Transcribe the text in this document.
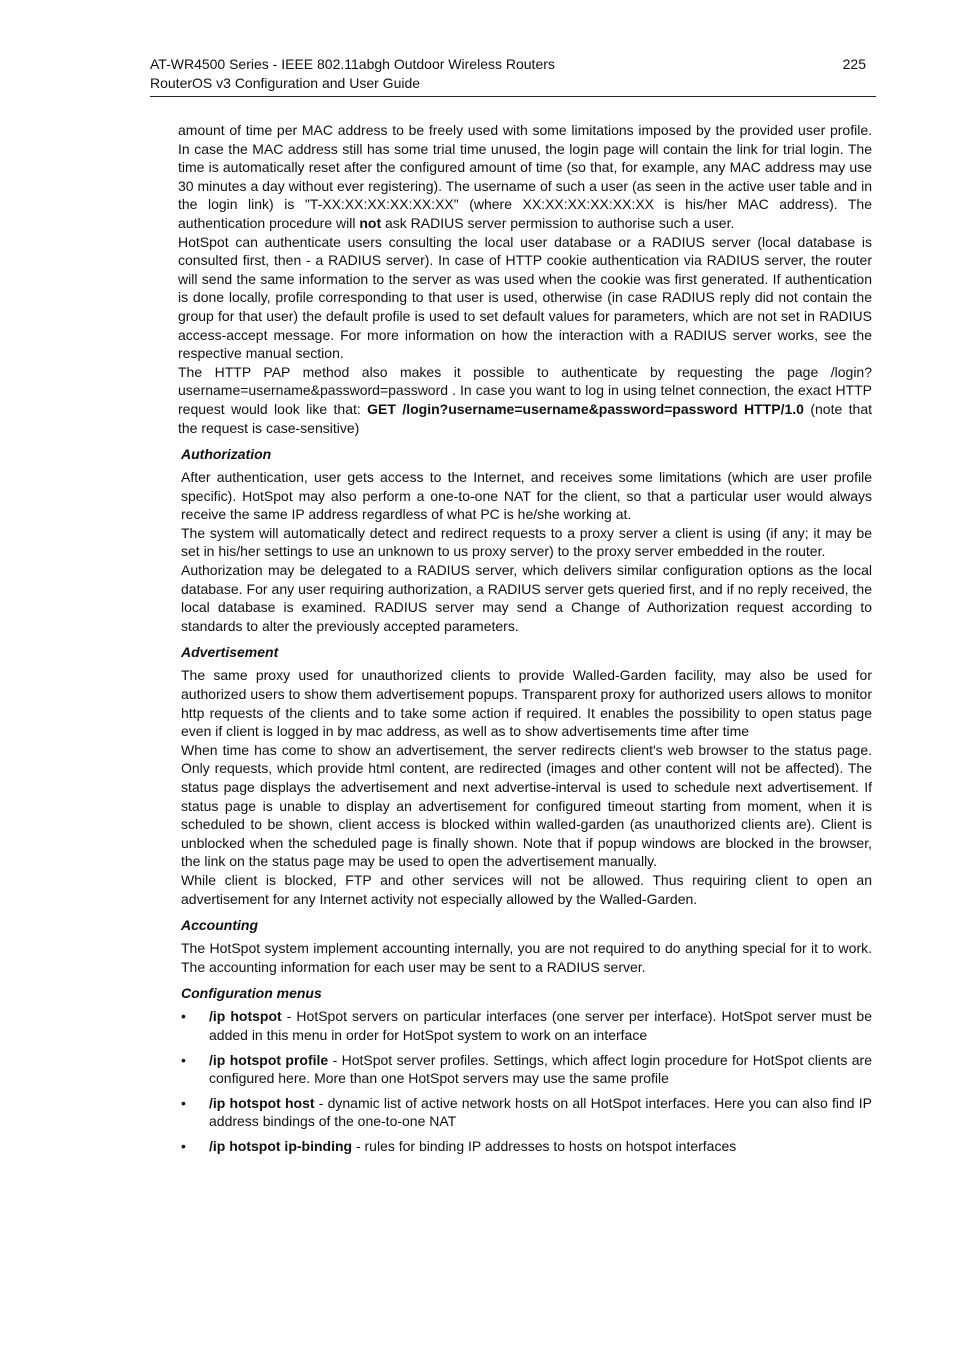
AT-WR4500 Series - IEEE 802.11abgh Outdoor Wireless Routers
RouterOS v3 Configuration and User Guide
225

amount of time per MAC address to be freely used with some limitations imposed by the provided user profile. In case the MAC address still has some trial time unused, the login page will contain the link for trial login. The time is automatically reset after the configured amount of time (so that, for example, any MAC address may use 30 minutes a day without ever registering). The username of such a user (as seen in the active user table and in the login link) is "T-XX:XX:XX:XX:XX:XX" (where XX:XX:XX:XX:XX:XX is his/her MAC address). The authentication procedure will not ask RADIUS server permission to authorise such a user.

HotSpot can authenticate users consulting the local user database or a RADIUS server (local database is consulted first, then - a RADIUS server). In case of HTTP cookie authentication via RADIUS server, the router will send the same information to the server as was used when the cookie was first generated. If authentication is done locally, profile corresponding to that user is used, otherwise (in case RADIUS reply did not contain the group for that user) the default profile is used to set default values for parameters, which are not set in RADIUS access-accept message. For more information on how the interaction with a RADIUS server works, see the respective manual section.

The HTTP PAP method also makes it possible to authenticate by requesting the page /login?username=username&password=password . In case you want to log in using telnet connection, the exact HTTP request would look like that: GET /login?username=username&password=password HTTP/1.0 (note that the request is case-sensitive)

Authorization

After authentication, user gets access to the Internet, and receives some limitations (which are user profile specific). HotSpot may also perform a one-to-one NAT for the client, so that a particular user would always receive the same IP address regardless of what PC is he/she working at.

The system will automatically detect and redirect requests to a proxy server a client is using (if any; it may be set in his/her settings to use an unknown to us proxy server) to the proxy server embedded in the router.

Authorization may be delegated to a RADIUS server, which delivers similar configuration options as the local database. For any user requiring authorization, a RADIUS server gets queried first, and if no reply received, the local database is examined. RADIUS server may send a Change of Authorization request according to standards to alter the previously accepted parameters.

Advertisement

The same proxy used for unauthorized clients to provide Walled-Garden facility, may also be used for authorized users to show them advertisement popups. Transparent proxy for authorized users allows to monitor http requests of the clients and to take some action if required. It enables the possibility to open status page even if client is logged in by mac address, as well as to show advertisements time after time

When time has come to show an advertisement, the server redirects client's web browser to the status page. Only requests, which provide html content, are redirected (images and other content will not be affected). The status page displays the advertisement and next advertise-interval is used to schedule next advertisement. If status page is unable to display an advertisement for configured timeout starting from moment, when it is scheduled to be shown, client access is blocked within walled-garden (as unauthorized clients are). Client is unblocked when the scheduled page is finally shown. Note that if popup windows are blocked in the browser, the link on the status page may be used to open the advertisement manually.

While client is blocked, FTP and other services will not be allowed. Thus requiring client to open an advertisement for any Internet activity not especially allowed by the Walled-Garden.

Accounting

The HotSpot system implement accounting internally, you are not required to do anything special for it to work. The accounting information for each user may be sent to a RADIUS server.

Configuration menus
• /ip hotspot - HotSpot servers on particular interfaces (one server per interface). HotSpot server must be added in this menu in order for HotSpot system to work on an interface
• /ip hotspot profile - HotSpot server profiles. Settings, which affect login procedure for HotSpot clients are configured here. More than one HotSpot servers may use the same profile
• /ip hotspot host - dynamic list of active network hosts on all HotSpot interfaces. Here you can also find IP address bindings of the one-to-one NAT
• /ip hotspot ip-binding - rules for binding IP addresses to hosts on hotspot interfaces
